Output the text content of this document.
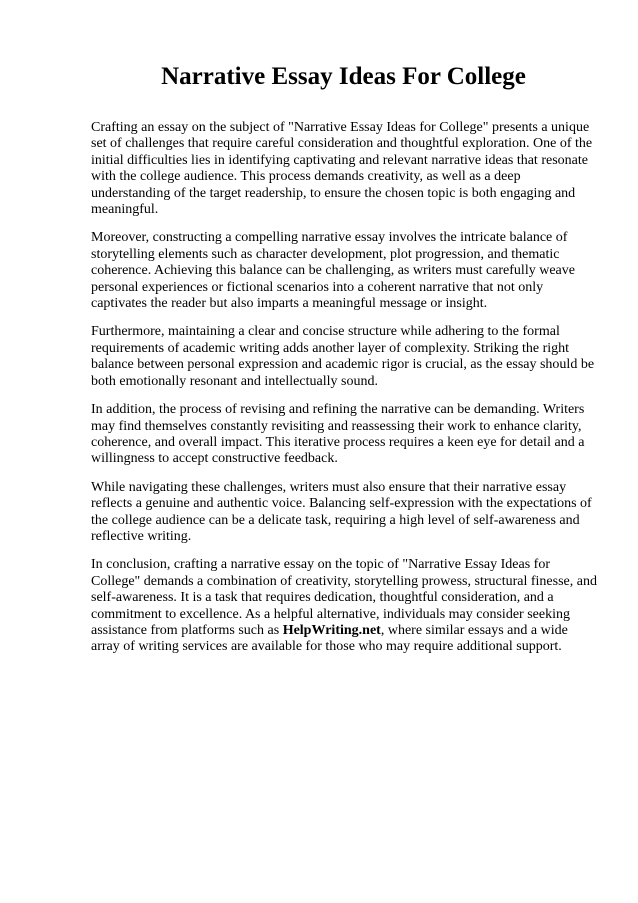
Narrative Essay Ideas For College

Crafting an essay on the subject of "Narrative Essay Ideas for College" presents a unique set of challenges that require careful consideration and thoughtful exploration. One of the initial difficulties lies in identifying captivating and relevant narrative ideas that resonate with the college audience. This process demands creativity, as well as a deep understanding of the target readership, to ensure the chosen topic is both engaging and meaningful.

Moreover, constructing a compelling narrative essay involves the intricate balance of storytelling elements such as character development, plot progression, and thematic coherence. Achieving this balance can be challenging, as writers must carefully weave personal experiences or fictional scenarios into a coherent narrative that not only captivates the reader but also imparts a meaningful message or insight.

Furthermore, maintaining a clear and concise structure while adhering to the formal requirements of academic writing adds another layer of complexity. Striking the right balance between personal expression and academic rigor is crucial, as the essay should be both emotionally resonant and intellectually sound.

In addition, the process of revising and refining the narrative can be demanding. Writers may find themselves constantly revisiting and reassessing their work to enhance clarity, coherence, and overall impact. This iterative process requires a keen eye for detail and a willingness to accept constructive feedback.

While navigating these challenges, writers must also ensure that their narrative essay reflects a genuine and authentic voice. Balancing self-expression with the expectations of the college audience can be a delicate task, requiring a high level of self-awareness and reflective writing.

In conclusion, crafting a narrative essay on the topic of "Narrative Essay Ideas for College" demands a combination of creativity, storytelling prowess, structural finesse, and self-awareness. It is a task that requires dedication, thoughtful consideration, and a commitment to excellence. As a helpful alternative, individuals may consider seeking assistance from platforms such as HelpWriting.net, where similar essays and a wide array of writing services are available for those who may require additional support.
